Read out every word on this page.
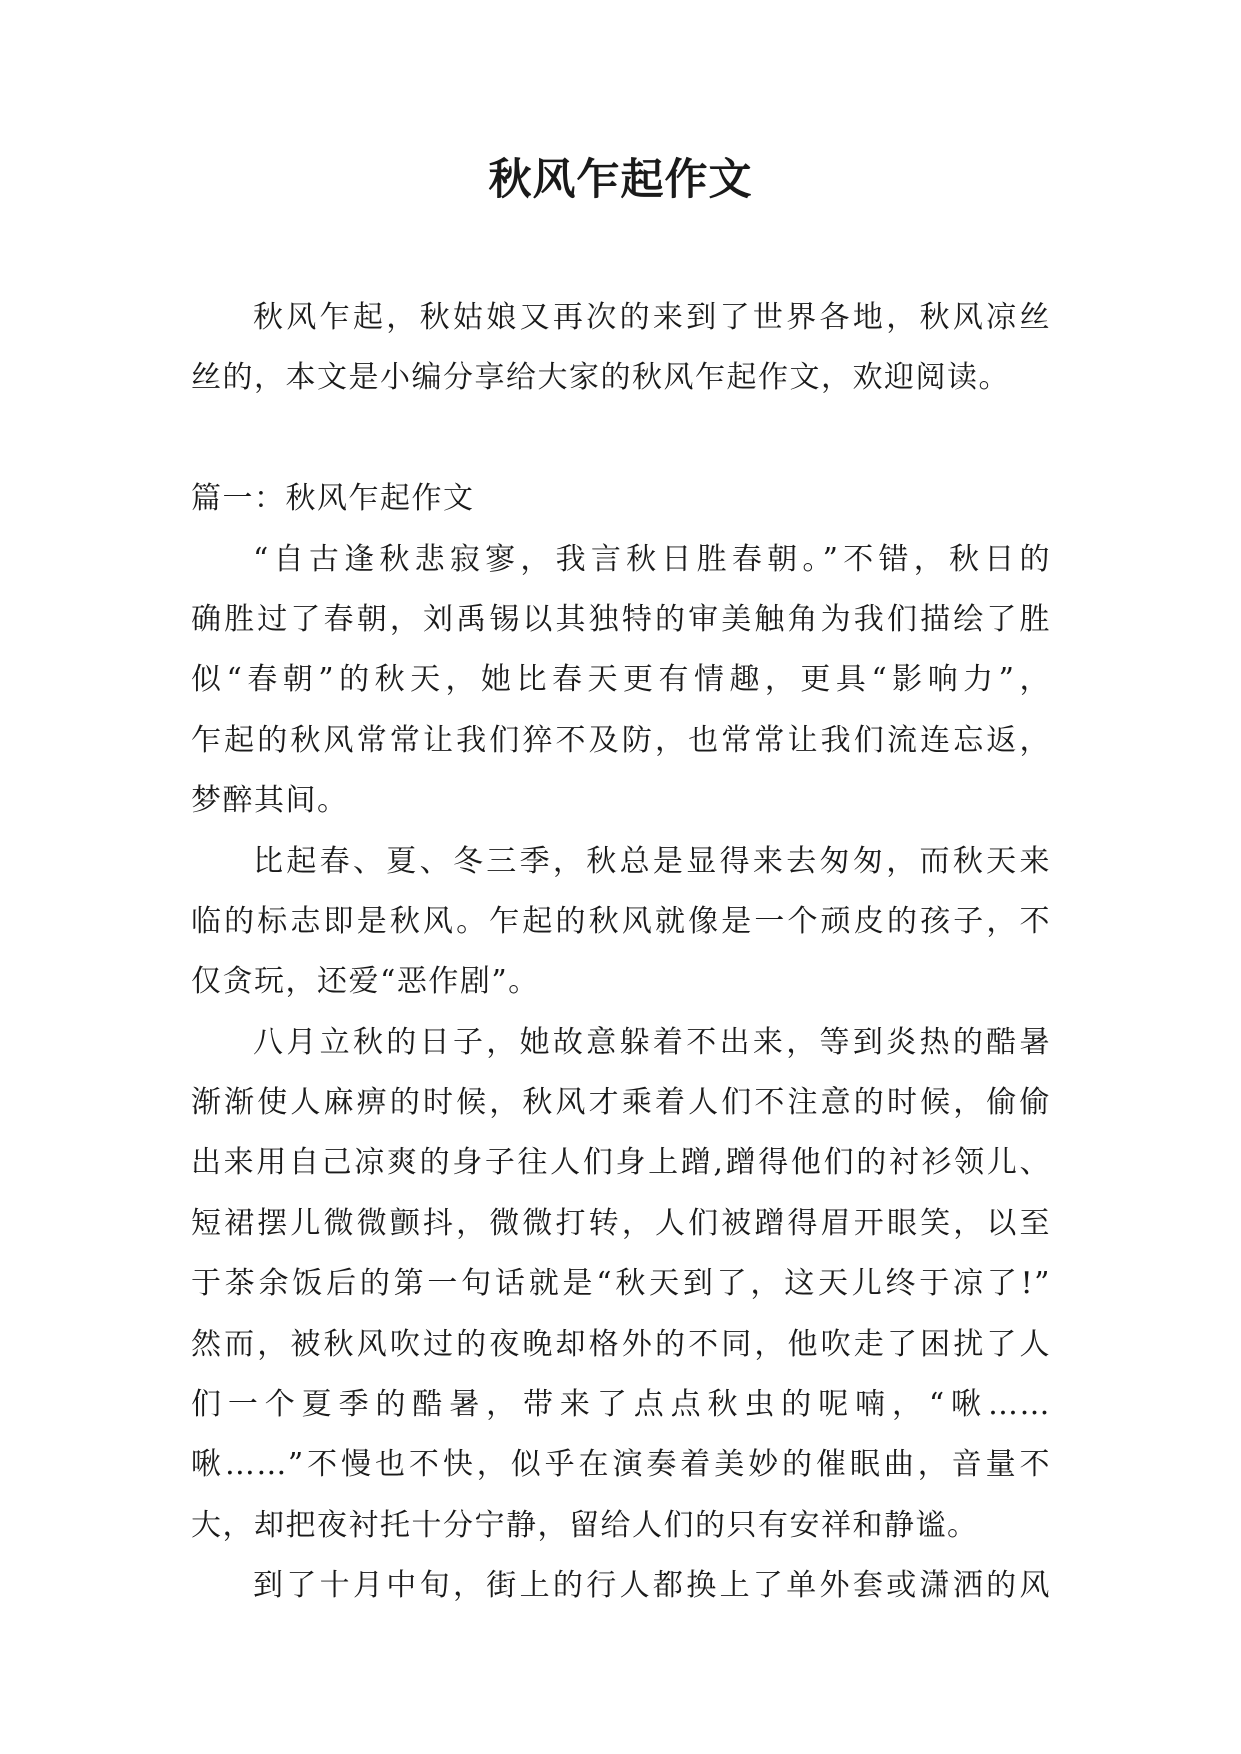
秋风乍起作文
秋风乍起，秋姑娘又再次的来到了世界各地，秋风凉丝
丝的，本文是小编分享给大家的秋风乍起作文，欢迎阅读。
篇一：秋风乍起作文
“自古逢秋悲寂寥，我言秋日胜春朝。”不错，秋日的
确胜过了春朝，刘禹锡以其独特的审美触角为我们描绘了胜
似“春朝”的秋天，她比春天更有情趣，更具“影响力”，
乍起的秋风常常让我们猝不及防，也常常让我们流连忘返，
梦醉其间。
比起春、夏、冬三季，秋总是显得来去匆匆，而秋天来
临的标志即是秋风。乍起的秋风就像是一个顽皮的孩子，不
仅贪玩，还爱“恶作剧”。
八月立秋的日子，她故意躲着不出来，等到炎热的酷暑
渐渐使人麻痹的时候，秋风才乘着人们不注意的时候，偷偷
出来用自己凉爽的身子往人们身上蹭,蹭得他们的衬衫领儿、
短裙摆儿微微颤抖，微微打转，人们被蹭得眉开眼笑，以至
于茶余饭后的第一句话就是“秋天到了，这天儿终于凉了!”
然而，被秋风吹过的夜晚却格外的不同，他吹走了困扰了人
们一个夏季的酷暑，带来了点点秋虫的呢喃，“啾……
啾……”不慢也不快，似乎在演奏着美妙的催眠曲，音量不
大，却把夜衬托十分宁静，留给人们的只有安祥和静谧。
到了十月中旬，街上的行人都换上了单外套或潇洒的风
